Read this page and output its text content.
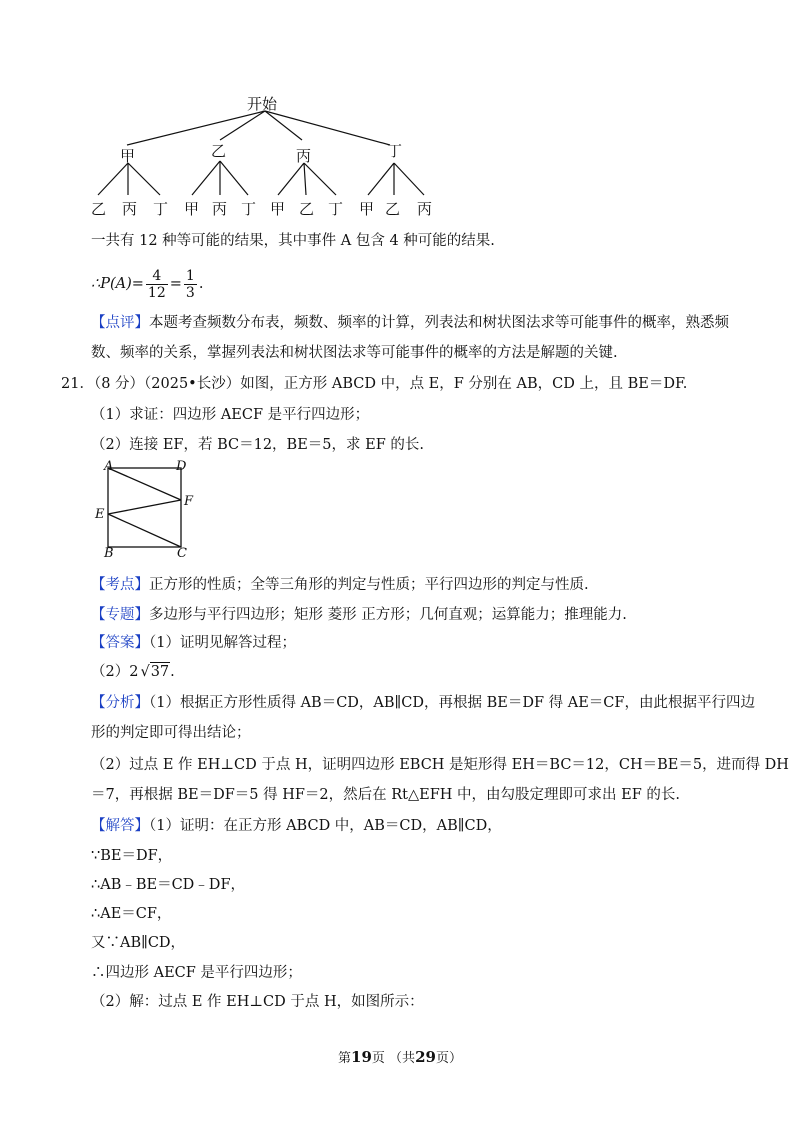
开始
甲	乙	丙	丁
乙 丙 丁 甲 丙 丁 甲 乙 丁 甲 乙 丙
一共有 12 种等可能的结果，其中事件 A 包含 4 种可能的结果.
∴P(A)= $\frac{4}{12} = \frac{1}{3}$ .
【点评】本题考查频数分布表，频数、频率的计算，列表法和树状图法求等可能事件的概率，熟悉频
数、频率的关系，掌握列表法和树状图法求等可能事件的概率的方法是解题的关键.
21．（8 分）（2025•长沙）如图，正方形 ABCD 中，点 E，F 分别在 AB，CD 上，且 BE＝DF.
（1）求证：四边形 AECF 是平行四边形；
（2）连接 EF，若 BC＝12，BE＝5，求 EF 的长.
A	D
F
E
B	C
【考点】正方形的性质；全等三角形的判定与性质；平行四边形的判定与性质.
【专题】多边形与平行四边形；矩形 菱形 正方形；几何直观；运算能力；推理能力.
【答案】（1）证明见解答过程；
（2）2 √37.
【分析】（1）根据正方形性质得 AB＝CD，AB∥CD，再根据 BE＝DF 得 AE＝CF，由此根据平行四边
形的判定即可得出结论；
（2）过点 E 作 EH⊥CD 于点 H，证明四边形 EBCH 是矩形得 EH＝BC＝12，CH＝BE＝5，进而得 DH
＝7，再根据 BE＝DF＝5 得 HF＝2，然后在 Rt△EFH 中，由勾股定理即可求出 EF 的长.
【解答】（1）证明：在正方形 ABCD 中，AB＝CD，AB∥CD，
∵BE＝DF，
∴AB﹣BE＝CD﹣DF，
∴AE＝CF，
又∵AB∥CD，
∴四边形 AECF 是平行四边形；
（2）解：过点 E 作 EH⊥CD 于点 H，如图所示：
第19页 （共29页）
